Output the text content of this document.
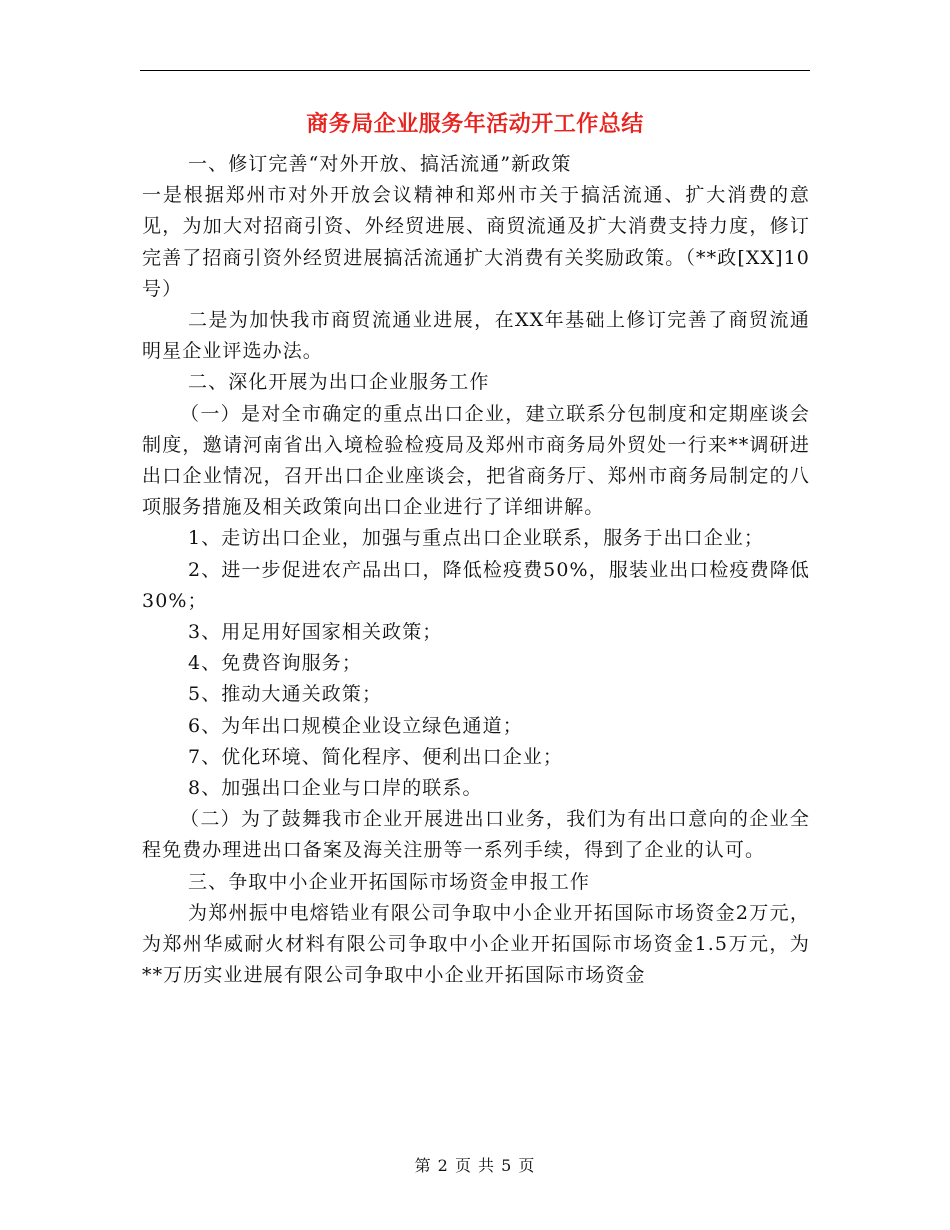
商务局企业服务年活动开工作总结

一、修订完善“对外开放、搞活流通”新政策

一是根据郑州市对外开放会议精神和郑州市关于搞活流通、扩大消费的意见，为加大对招商引资、外经贸进展、商贸流通及扩大消费支持力度，修订完善了招商引资外经贸进展搞活流通扩大消费有关奖励政策。（**政[XX]10号）

二是为加快我市商贸流通业进展，在XX年基础上修订完善了商贸流通明星企业评选办法。

二、深化开展为出口企业服务工作

（一）是对全市确定的重点出口企业，建立联系分包制度和定期座谈会制度，邀请河南省出入境检验检疫局及郑州市商务局外贸处一行来**调研进出口企业情况，召开出口企业座谈会，把省商务厅、郑州市商务局制定的八项服务措施及相关政策向出口企业进行了详细讲解。

1、走访出口企业，加强与重点出口企业联系，服务于出口企业；

2、进一步促进农产品出口，降低检疫费50%，服装业出口检疫费降低30%；

3、用足用好国家相关政策；

4、免费咨询服务；

5、推动大通关政策；

6、为年出口规模企业设立绿色通道；

7、优化环境、简化程序、便利出口企业；

8、加强出口企业与口岸的联系。

（二）为了鼓舞我市企业开展进出口业务，我们为有出口意向的企业全程免费办理进出口备案及海关注册等一系列手续，得到了企业的认可。

三、争取中小企业开拓国际市场资金申报工作

为郑州振中电熔锆业有限公司争取中小企业开拓国际市场资金2万元，为郑州华威耐火材料有限公司争取中小企业开拓国际市场资金1.5万元，为**万历实业进展有限公司争取中小企业开拓国际市场资金

第 2 页 共 5 页
